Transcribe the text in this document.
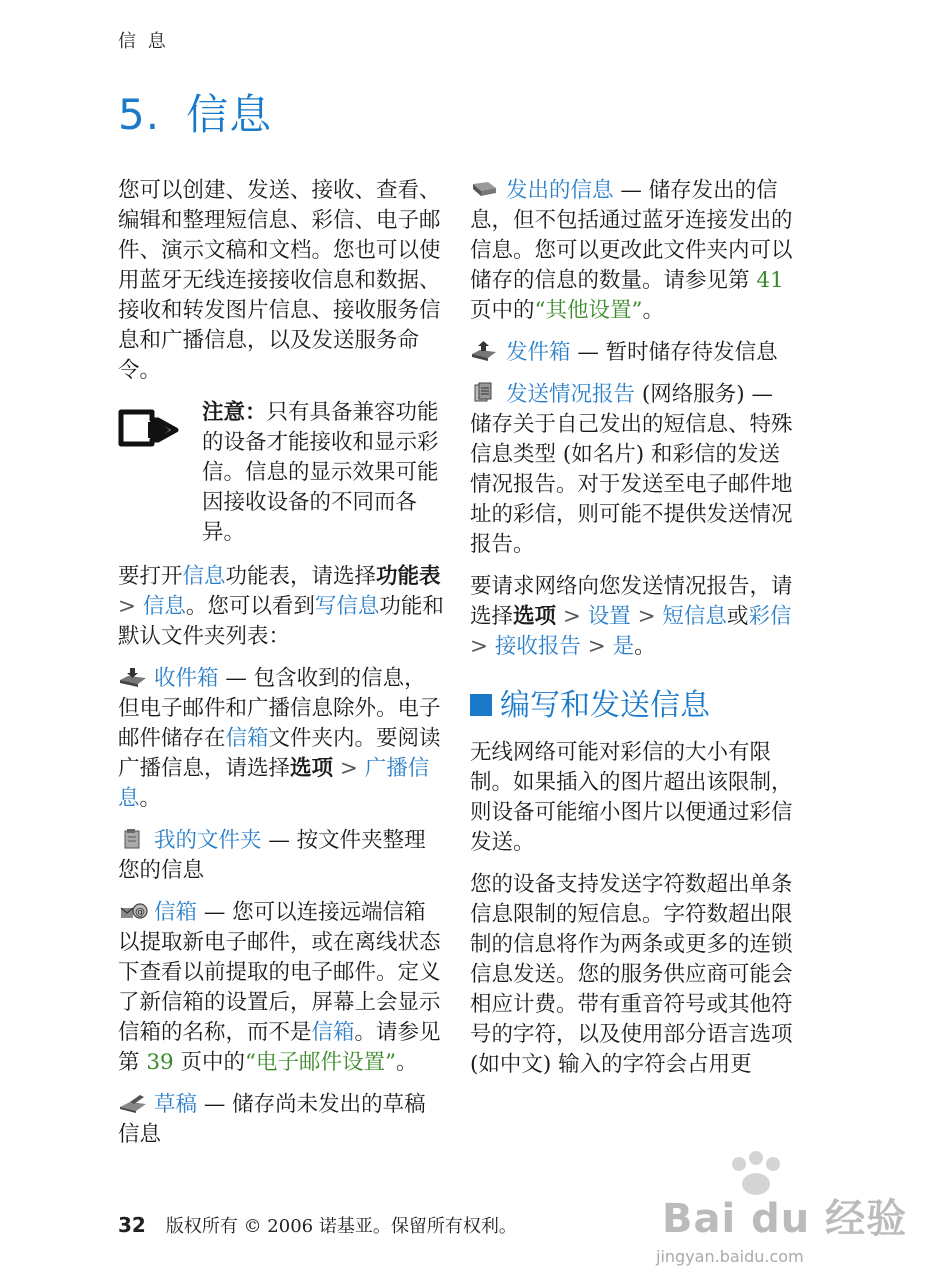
信 息
5. 信息

您可以创建、发送、接收、查看、编辑和整理短信息、彩信、电子邮件、演示文稿和文档。您也可以使用蓝牙无线连接接收信息和数据、接收和转发图片信息、接收服务信息和广播信息，以及发送服务命令。

注意：只有具备兼容功能的设备才能接收和显示彩信。信息的显示效果可能因接收设备的不同而各异。

要打开信息功能表，请选择功能表 > 信息。您可以看到写信息功能和默认文件夹列表：

收件箱 — 包含收到的信息，但电子邮件和广播信息除外。电子邮件储存在信箱文件夹内。要阅读广播信息，请选择选项 > 广播信息。

我的文件夹 — 按文件夹整理您的信息

@ 信箱 — 您可以连接远端信箱以提取新电子邮件，或在离线状态下查看以前提取的电子邮件。定义了新信箱的设置后，屏幕上会显示信箱的名称，而不是信箱。请参见第 39 页中的“电子邮件设置”。

草稿 — 储存尚未发出的草稿信息

发出的信息 — 储存发出的信息，但不包括通过蓝牙连接发出的信息。您可以更改此文件夹内可以储存的信息的数量。请参见第 41 页中的“其他设置”。

发件箱 — 暂时储存待发信息

发送情况报告 (网络服务) — 储存关于自己发出的短信息、特殊信息类型 (如名片) 和彩信的发送情况报告。对于发送至电子邮件地址的彩信，则可能不提供发送情况报告。

要请求网络向您发送情况报告，请选择选项 > 设置 > 短信息或彩信 > 接收报告 > 是。

编写和发送信息

无线网络可能对彩信的大小有限制。如果插入的图片超出该限制，则设备可能缩小图片以便通过彩信发送。

您的设备支持发送字符数超出单条信息限制的短信息。字符数超出限制的信息将作为两条或更多的连锁信息发送。您的服务供应商可能会相应计费。带有重音符号或其他符号的字符，以及使用部分语言选项 (如中文) 输入的字符会占用更

32 版权所有 © 2006 诺基亚。保留所有权利。	Bai du 经验
jingyan.baidu.com
